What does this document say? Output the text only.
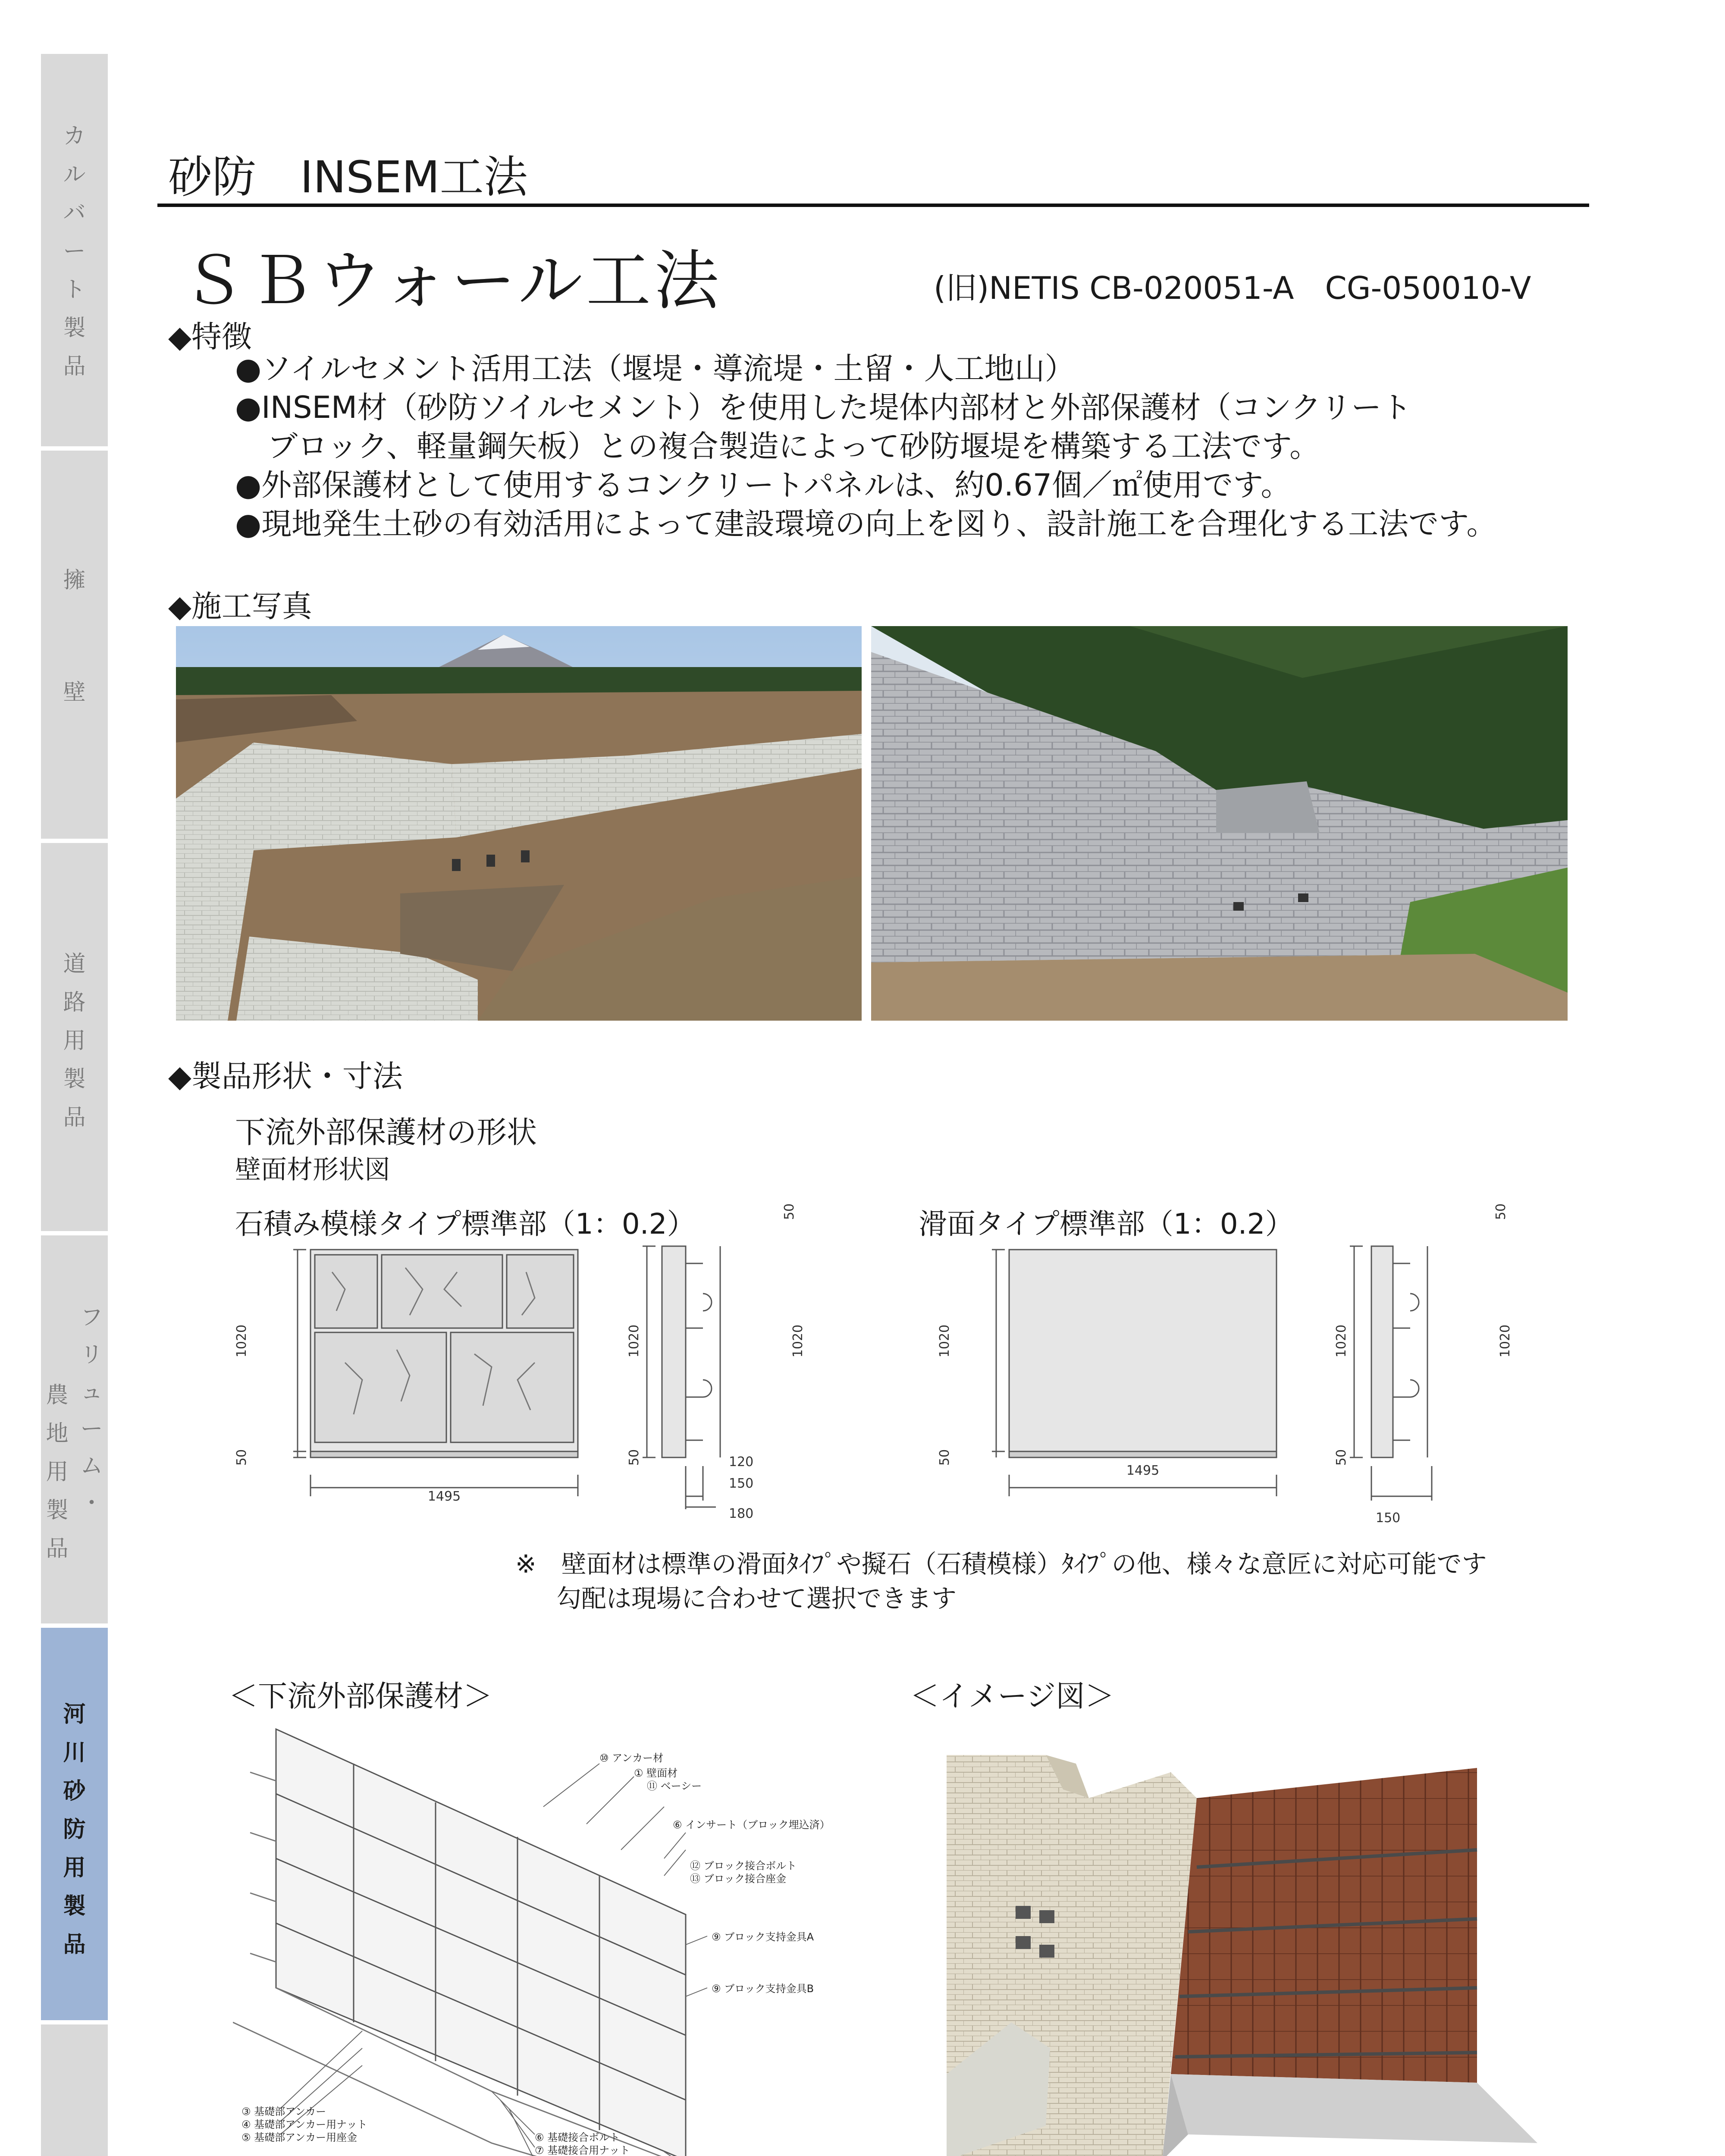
カ
ル
バ
ー
ト
製
品
擁
壁
道
路
用
製
品
フ
リ
ュ
ー
ム
・
農
地
用
製
品
河
川
砂
防
用
製
品
砂防　INSEM工法
ＳＢウォール工法	(旧)NETIS CB-020051-A　CG-050010-V
◆特徴
●ソイルセメント活用工法（堰堤・導流堤・土留・人工地山）
●INSEM材（砂防ソイルセメント）を使用した堤体内部材と外部保護材（コンクリート
ブロック、軽量鋼矢板）との複合製造によって砂防堰堤を構築する工法です。
●外部保護材として使用するコンクリートパネルは、約0.67個／㎡使用です。
●現地発生土砂の有効活用によって建設環境の向上を図り、設計施工を合理化する工法です。
◆施工写真
◆製品形状・寸法
下流外部保護材の形状
壁面材形状図
石積み模様タイプ標準部（1：0.2）	滑面タイプ標準部（1：0.2）
1020
50
1495
50
1020
50
1020
120
150
180
1020
50
1495
50
1020
50
1020
150
※　壁面材は標準の滑面ﾀｲﾌﾟや擬石（石積模様）ﾀｲﾌﾟの他、様々な意匠に対応可能です
勾配は現場に合わせて選択できます
＜下流外部保護材＞	＜イメージ図＞
⑩ アンカー材
① 壁面材
⑪ ベーシー
⑥ インサート（ブロック埋込済）
⑫ ブロック接合ボルト
⑬ ブロック接合座金
⑨ ブロック支持金具A
⑨ ブロック支持金具B
③ 基礎部アンカー
④ 基礎部アンカー用ナット
⑤ 基礎部アンカー用座金	⑥ 基礎接合ボルト
⑦ 基礎接合用ナット
